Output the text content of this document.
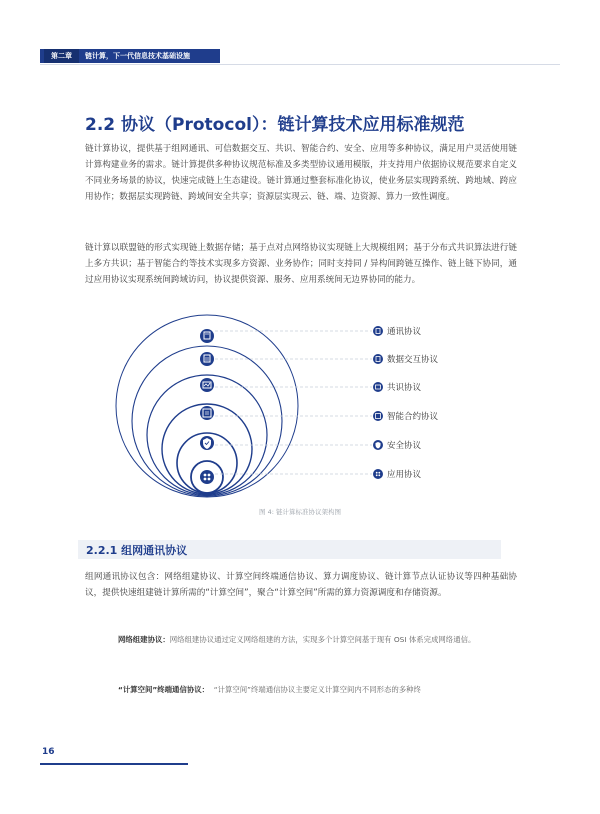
第二章	链计算，下一代信息技术基础设施
2.2 协议（Protocol）：链计算技术应用标准规范

链计算协议，提供基于组网通讯、可信数据交互、共识、智能合约、安全、应用等多种协议，满足用户灵活使用链计算构建业务的需求。链计算提供多种协议规范标准及多类型协议通用模版，并支持用户依据协议规范要求自定义不同业务场景的协议，快速完成链上生态建设。链计算通过整套标准化协议，使业务层实现跨系统、跨地域、跨应用协作；数据层实现跨链、跨域间安全共享；资源层实现云、链、端、边资源、算力一致性调度。

链计算以联盟链的形式实现链上数据存储；基于点对点网络协议实现链上大规模组网；基于分布式共识算法进行链上多方共识；基于智能合约等技术实现多方资源、业务协作；同时支持同 / 异构间跨链互操作、链上链下协同，通过应用协议实现系统间跨域访问，协议提供资源、服务、应用系统间无边界协同的能力。

通讯协议
数据交互协议
共识协议
智能合约协议
安全协议
应用协议
图 4: 链计算标准协议架构图
2.2.1 组网通讯协议

组网通讯协议包含：网络组建协议、计算空间终端通信协议、算力调度协议、链计算节点认证协议等四种基础协议，提供快速组建链计算所需的“计算空间”，聚合“计算空间”所需的算力资源调度和存储资源。

网络组建协议：网络组建协议通过定义网络组建的方法，实现多个计算空间基于现有 OSI 体系完成网络通信。

“计算空间”终端通信协议： “计算空间”终端通信协议主要定义计算空间内不同形态的多种终

16
